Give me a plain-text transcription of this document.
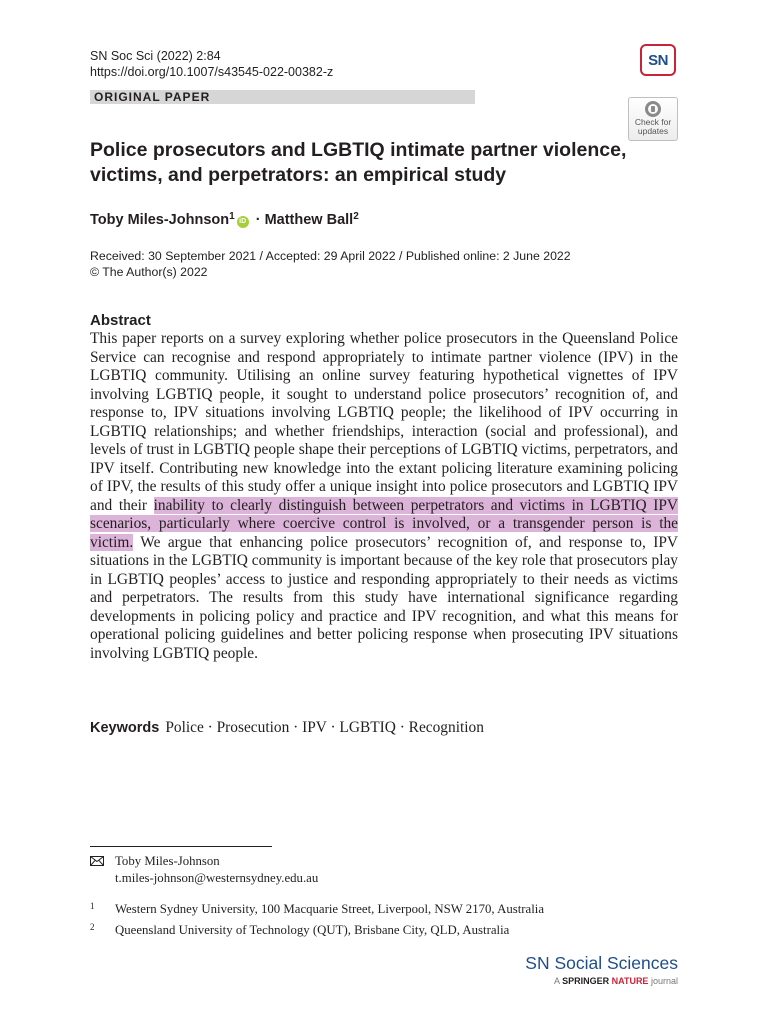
SN Soc Sci (2022) 2:84
https://doi.org/10.1007/s43545-022-00382-z
SN
ORIGINAL PAPER
Check for
updates
Police prosecutors and LGBTIQ intimate partner violence, victims, and perpetrators: an empirical study
Toby Miles-Johnson$^1$ iD · Matthew Ball$^2$
Received: 30 September 2021 / Accepted: 29 April 2022 / Published online: 2 June 2022
© The Author(s) 2022
Abstract

This paper reports on a survey exploring whether police prosecutors in the Queensland Police Service can recognise and respond appropriately to intimate partner violence (IPV) in the LGBTIQ community. Utilising an online survey featuring hypothetical vignettes of IPV involving LGBTIQ people, it sought to understand police prosecutors’ recognition of, and response to, IPV situations involving LGBTIQ people; the likelihood of IPV occurring in LGBTIQ relationships; and whether friendships, interaction (social and professional), and levels of trust in LGBTIQ people shape their perceptions of LGBTIQ victims, perpetrators, and IPV itself. Contributing new knowledge into the extant policing literature examining policing of IPV, the results of this study offer a unique insight into police prosecutors and LGBTIQ IPV and their inability to clearly distinguish between perpetrators and victims in LGBTIQ IPV scenarios, particularly where coercive control is involved, or a transgender person is the victim. We argue that enhancing police prosecutors’ recognition of, and response to, IPV situations in the LGBTIQ community is important because of the key role that prosecutors play in LGBTIQ peoples’ access to justice and responding appropriately to their needs as victims and perpetrators. The results from this study have international significance regarding developments in policing policy and practice and IPV recognition, and what this means for operational policing guidelines and better policing response when prosecuting IPV situations involving LGBTIQ people.

Keywords Police · Prosecution · IPV · LGBTIQ · Recognition
Toby Miles-Johnson
t.miles-johnson@westernsydney.edu.au
1 Western Sydney University, 100 Macquarie Street, Liverpool, NSW 2170, Australia
2 Queensland University of Technology (QUT), Brisbane City, QLD, Australia
SN Social Sciences
A SPRINGER NATURE journal
